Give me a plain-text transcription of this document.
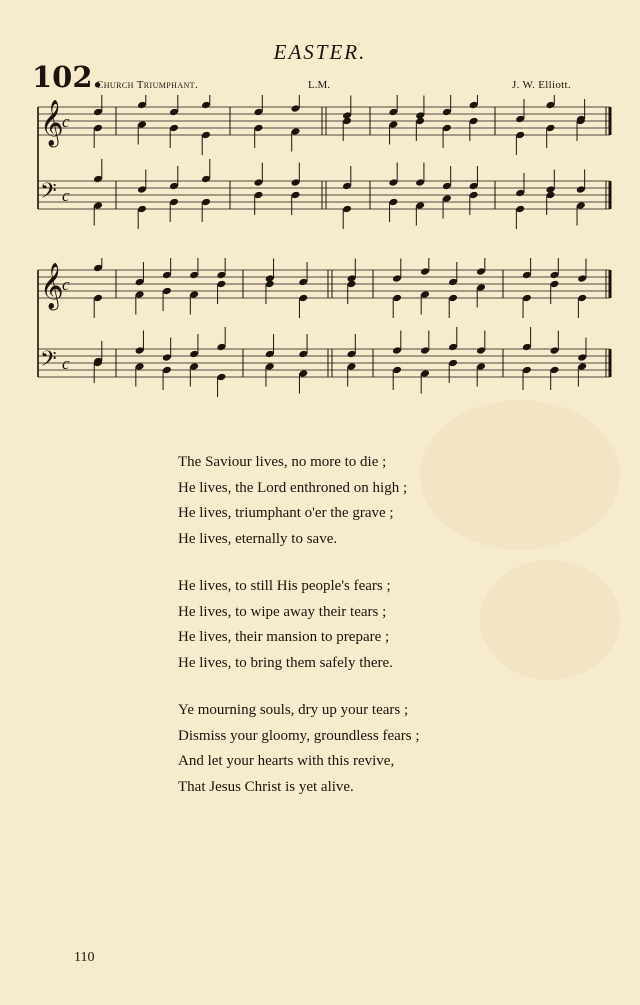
EASTER.
102.
Church Triumphant.	L.M.	J. W. Elliott.
𝄞
c
𝄢 c
𝄞
c
𝄢 c
The Saviour lives, no more to die ;
He lives, the Lord enthroned on high ;
He lives, triumphant o'er the grave ;
He lives, eternally to save.
He lives, to still His people's fears ;
He lives, to wipe away their tears ;
He lives, their mansion to prepare ;
He lives, to bring them safely there.
Ye mourning souls, dry up your tears ;
Dismiss your gloomy, groundless fears ;
And let your hearts with this revive,
That Jesus Christ is yet alive.
110
